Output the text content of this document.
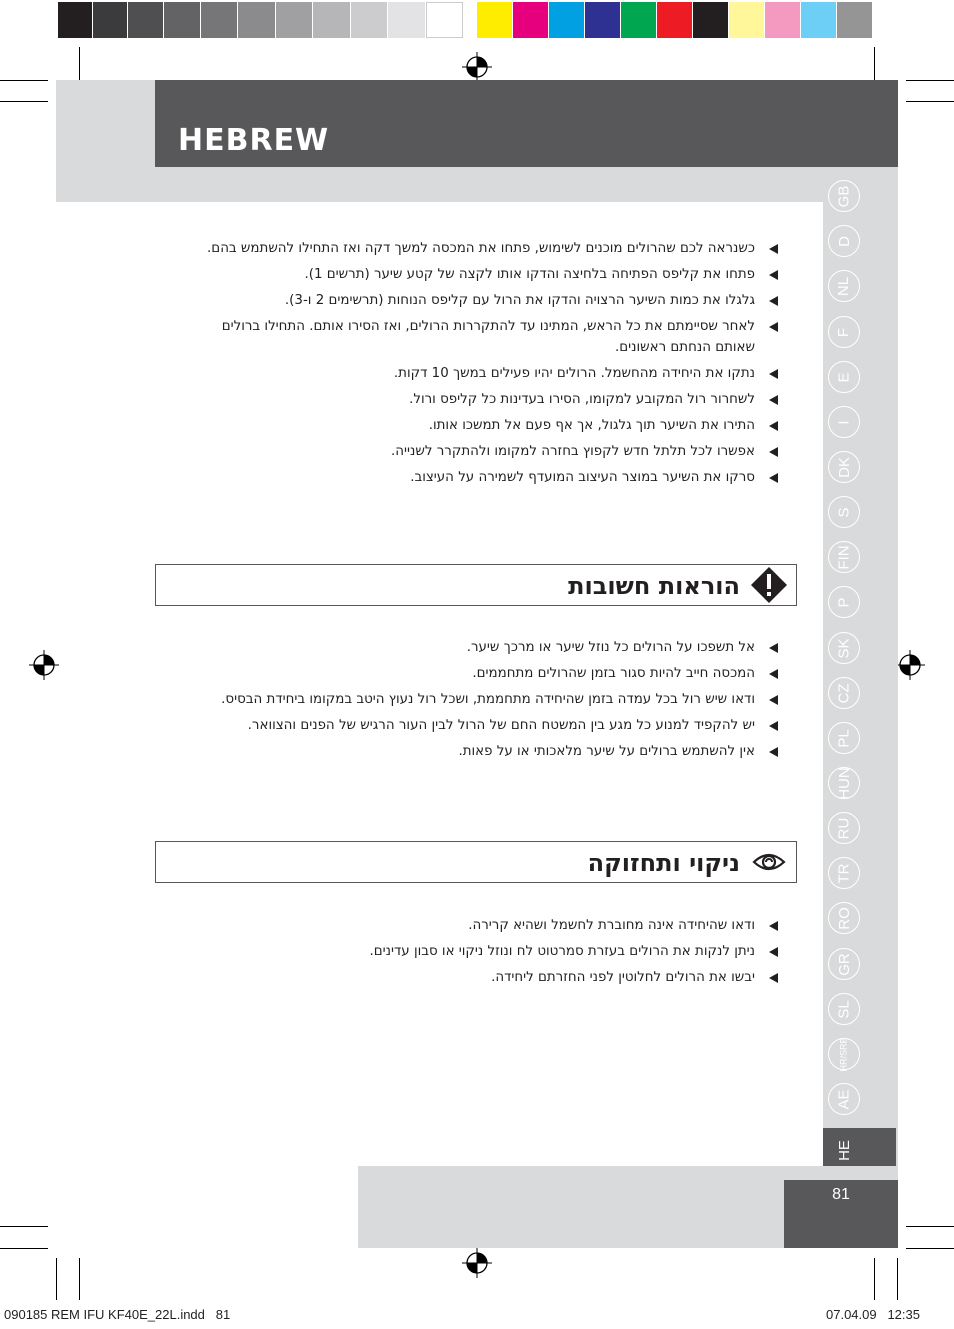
HEBREW
GB
D
NL
F
E
I
DK
S
FIN
P
SK
CZ
PL
HUN
RU
TR
RO
GR
SL
HR/SRB
AE
HE
כשנראה לכם שהרולים מוכנים לשימוש, פתחו את המכסה למשך דקה ואז התחילו להשתמש בהם.
פתחו את קליפס הפתיחה בלחיצה והדקו אותו לקצה של קטע שיער (תרשים 1).
גלגלו את כמות השיער הרצויה והדקו את הרול עם קליפס הנוחות (תרשימים 2 ו-3).
לאחר שסיימתם את כל הראש, המתינו עד להתקררות הרולים, ואז הסירו אותם. התחילו ברולים שאותם הנחתם ראשונים.
נתקו את היחידה מהחשמל. הרולים יהיו פעילים במשך 10 דקות.
לשחרור רול המקובע למקומו, הסירו בעדינות כל קליפס ורול.
התירו את השיער תוך גלגול, אך אף פעם אל תמשכו אותו.
אפשרו לכל תלתל חדש לקפוץ בחזרה למקומו ולהתקרר לשנייה.
סרקו את השיער במוצר העיצוב המועדף לשמירה על העיצוב.
הוראות חשובות
אל תשפכו על הרולים כל נוזל שיער או מרכך שיער.
המכסה חייב להיות סגור בזמן שהרולים מתחממים.
ודאו שיש רול בכל עמדה בזמן שהיחידה מתחממת, ושכל רול נעוץ היטב במקומו ביחידת הבסיס.
יש להקפיד למנוע כל מגע בין המשטח החם של הרול לבין העור הרגיש של הפנים והצוואר.
אין להשתמש ברולים על שיער מלאכותי או על פאות.
ניקוי ותחזוקה
ודאו שהיחידה אינה מחוברת לחשמל ושהיא קרירה.
ניתן לנקות את הרולים בעזרת סמרטוט לח ונוזל ניקוי או סבון עדינים.
יבשו את הרולים לחלוטין לפני החזרתם ליחידה.
81
090185 REM IFU KF40E_22L.indd   81	07.04.09   12:35
